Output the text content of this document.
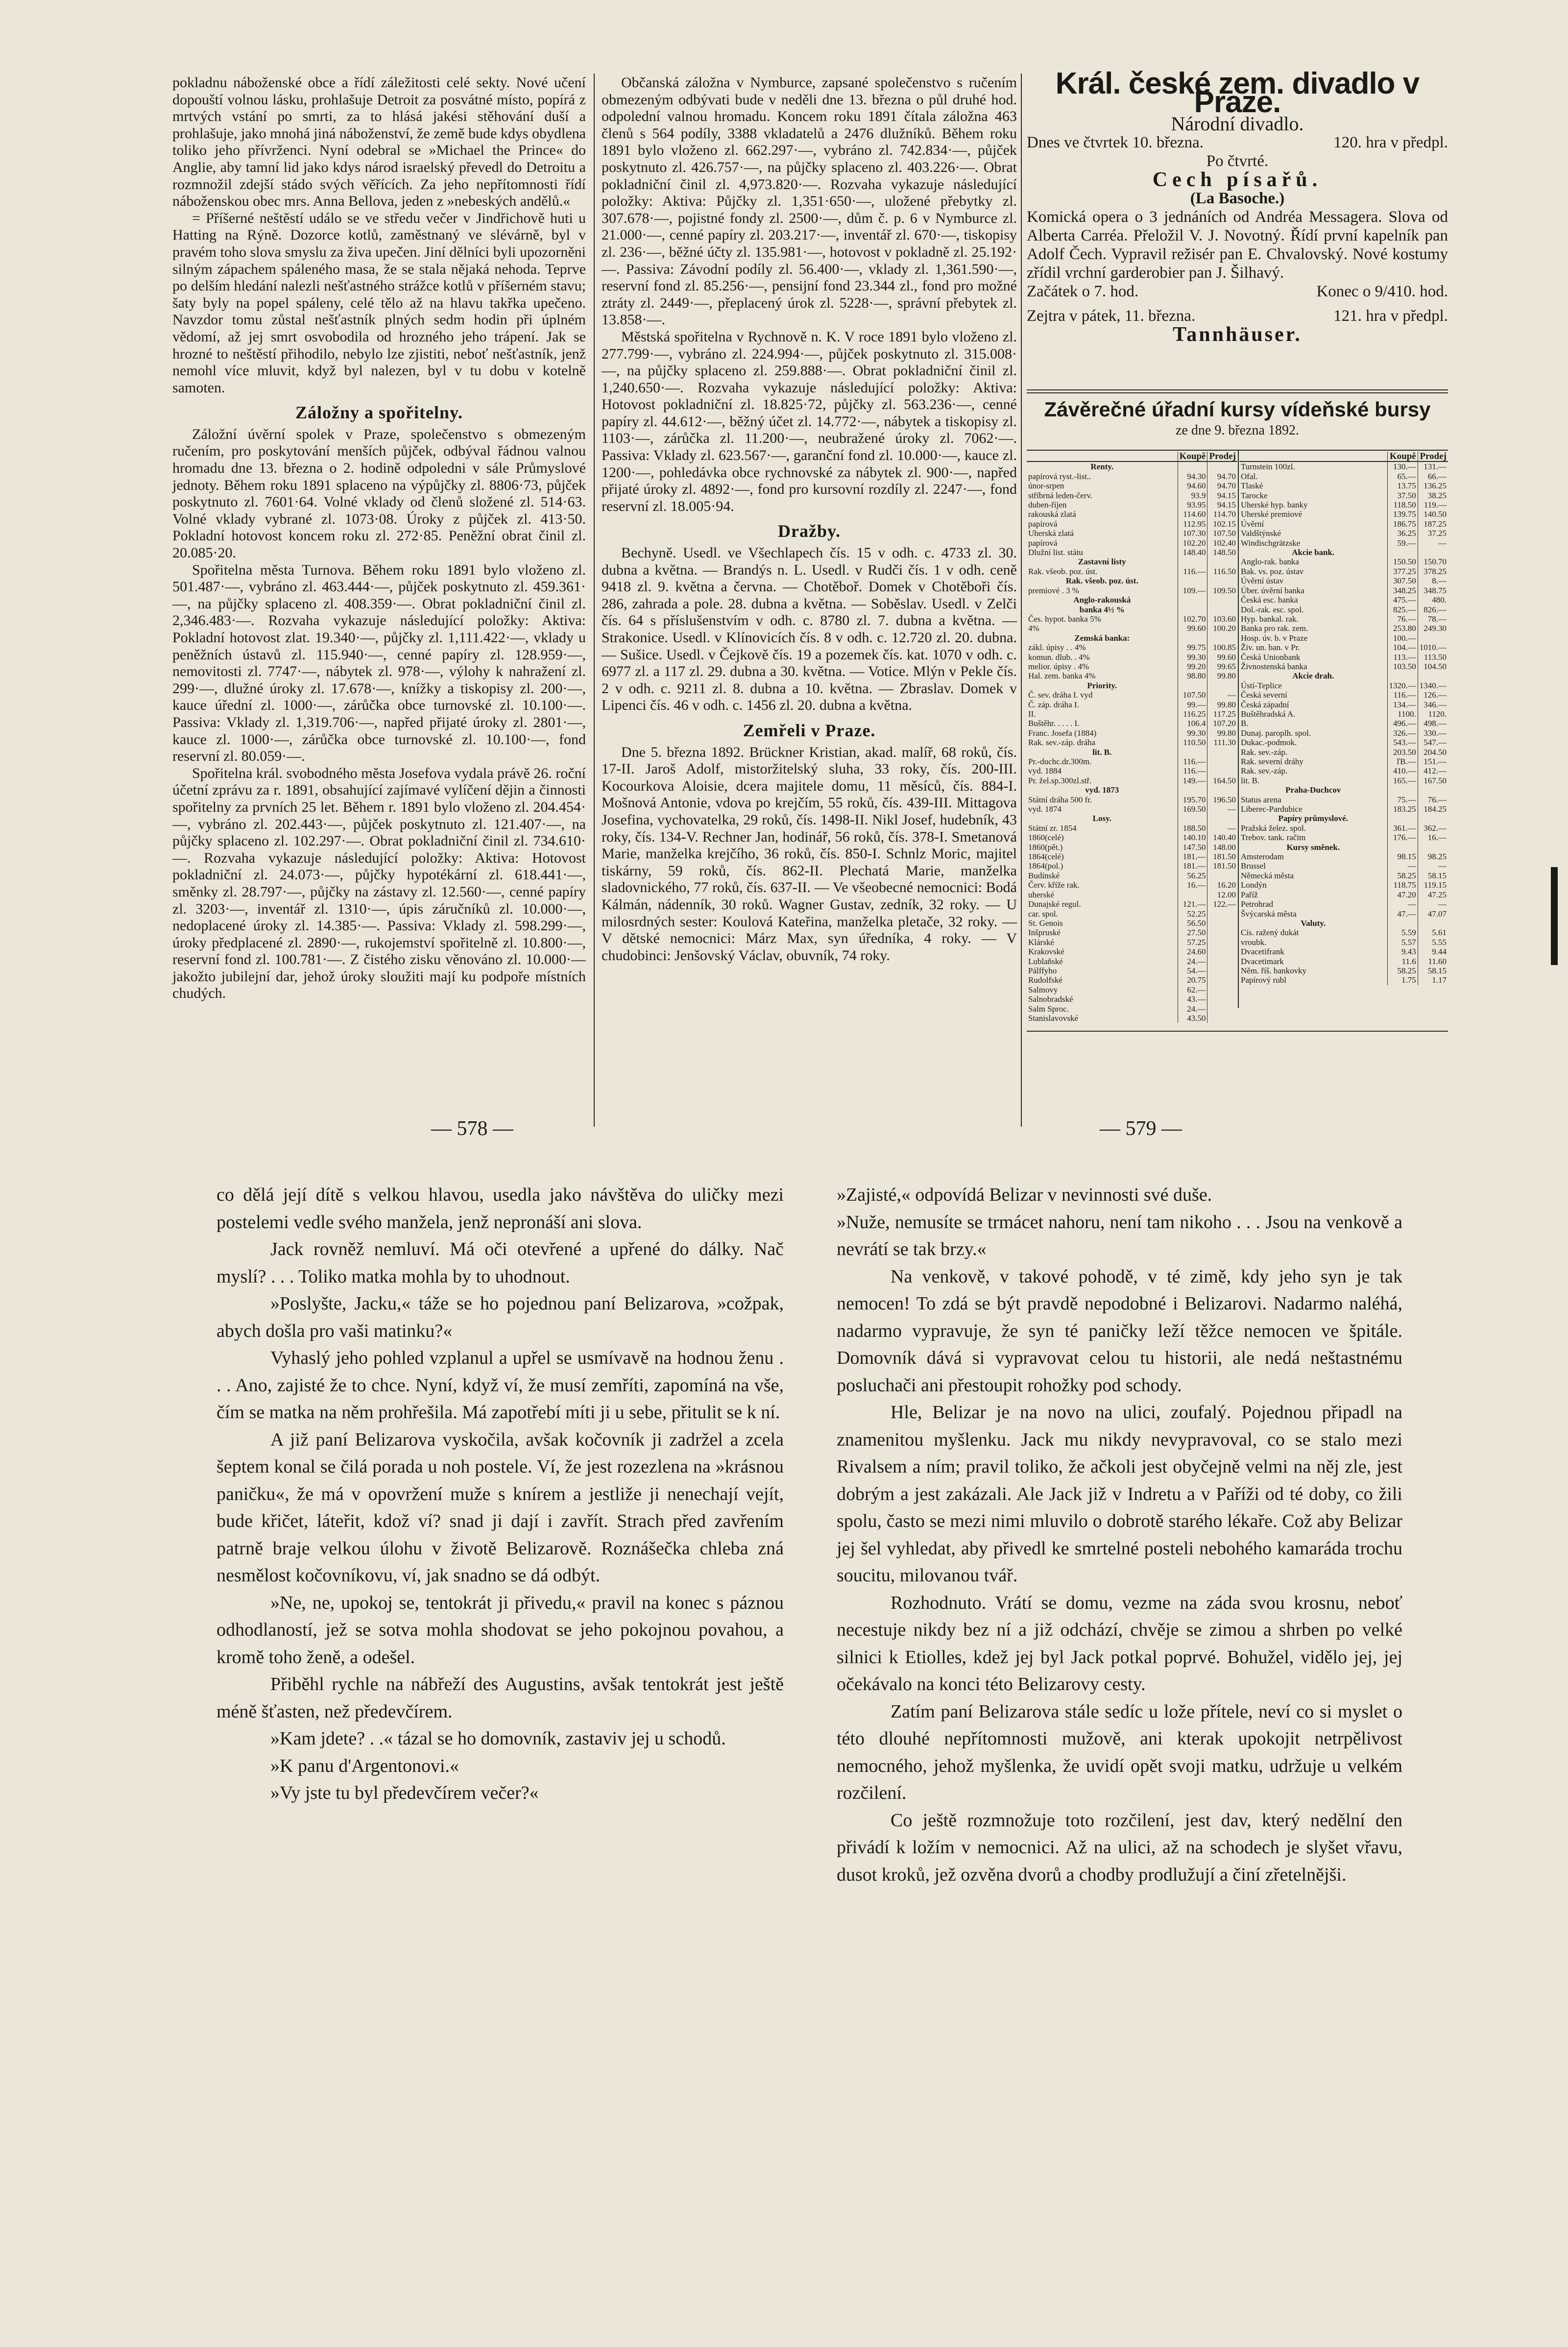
pokladnu náboženské obce a řídí záležitosti celé sekty. Nové učení dopouští volnou lásku, prohlašuje Detroit za posvátné místo, popírá z mrtvých vstání po smrti, za to hlásá jakési stěhování duší a prohlašuje, jako mnohá jiná náboženství, že země bude kdys obydlena toliko jeho přívrženci. Nyní odebral se »Michael the Prince« do Anglie, aby tamní lid jako kdys národ israelský převedl do Detroitu a rozmnožil zdejší stádo svých věřících. Za jeho nepřítomnosti řídí náboženskou obec mrs. Anna Bellova, jeden z »nebeských andělů.«

= Příšerné neštěstí událo se ve středu večer v Jindřichově huti u Hatting na Rýně. Dozorce kotlů, zaměstnaný ve slévárně, byl v pravém toho slova smyslu za živa upečen. Jiní dělníci byli upozorněni silným zápachem spáleného masa, že se stala nějaká nehoda. Teprve po delším hledání nalezli nešťastného strážce kotlů v příšerném stavu; šaty byly na popel spáleny, celé tělo až na hlavu takřka upečeno. Navzdor tomu zůstal nešťastník plných sedm hodin při úplném vědomí, až jej smrt osvobodila od hrozného jeho trápení. Jak se hrozné to neštěstí přihodilo, nebylo lze zjistiti, neboť nešťastník, jenž nemohl více mluvit, když byl nalezen, byl v tu dobu v kotelně samoten.

Záložny a spořitelny.

Záložní úvěrní spolek v Praze, společenstvo s obmezeným ručením, pro poskytování menších půjček, odbýval řádnou valnou hromadu dne 13. března o 2. hodině odpoledni v sále Průmyslové jednoty. Během roku 1891 splaceno na výpůjčky zl. 8806·73, půjček poskytnuto zl. 7601·64. Volné vklady od členů složené zl. 514·63. Volné vklady vybrané zl. 1073·08. Úroky z půjček zl. 413·50. Pokladní hotovost koncem roku zl. 272·85. Peněžní obrat činil zl. 20.085·20.

Spořitelna města Turnova. Během roku 1891 bylo vloženo zl. 501.487·—, vybráno zl. 463.444·—, půjček poskytnuto zl. 459.361·—, na půjčky splaceno zl. 408.359·—. Obrat pokladniční činil zl. 2,346.483·—. Rozvaha vykazuje následující položky: Aktiva: Pokladní hotovost zlat. 19.340·—, půjčky zl. 1,111.422·—, vklady u peněžních ústavů zl. 115.940·—, cenné papíry zl. 128.959·—, nemovitosti zl. 7747·—, nábytek zl. 978·—, výlohy k nahražení zl. 299·—, dlužné úroky zl. 17.678·—, knížky a tiskopisy zl. 200·—, kauce úřední zl. 1000·—, zárůčka obce turnovské zl. 10.100·—. Passiva: Vklady zl. 1,319.706·—, napřed přijaté úroky zl. 2801·—, kauce zl. 1000·—, zárůčka obce turnovské zl. 10.100·—, fond reservní zl. 80.059·—.

Spořitelna král. svobodného města Josefova vydala právě 26. roční účetní zprávu za r. 1891, obsahující zajímavé vylíčení dějin a činnosti spořitelny za prvních 25 let. Během r. 1891 bylo vloženo zl. 204.454·—, vybráno zl. 202.443·—, půjček poskytnuto zl. 121.407·—, na půjčky splaceno zl. 102.297·—. Obrat pokladniční činil zl. 734.610·—. Rozvaha vykazuje následující položky: Aktiva: Hotovost pokladniční zl. 24.073·—, půjčky hypotékární zl. 618.441·—, směnky zl. 28.797·—, půjčky na zástavy zl. 12.560·—, cenné papíry zl. 3203·—, inventář zl. 1310·—, úpis záručníků zl. 10.000·—, nedoplacené úroky zl. 14.385·—. Passiva: Vklady zl. 598.299·—, úroky předplacené zl. 2890·—, rukojemství spořitelně zl. 10.800·—, reservní fond zl. 100.781·—. Z čistého zisku věnováno zl. 10.000·— jakožto jubilejní dar, jehož úroky sloužiti mají ku podpoře místních chudých.

Občanská záložna v Nymburce, zapsané společenstvo s ručením obmezeným odbývati bude v neděli dne 13. března o půl druhé hod. odpolední valnou hromadu. Koncem roku 1891 čítala záložna 463 členů s 564 podíly, 3388 vkladatelů a 2476 dlužníků. Během roku 1891 bylo vloženo zl. 662.297·—, vybráno zl. 742.834·—, půjček poskytnuto zl. 426.757·—, na půjčky splaceno zl. 403.226·—. Obrat pokladniční činil zl. 4,973.820·—. Rozvaha vykazuje následující položky: Aktiva: Půjčky zl. 1,351·650·—, uložené přebytky zl. 307.678·—, pojistné fondy zl. 2500·—, dům č. p. 6 v Nymburce zl. 21.000·—, cenné papíry zl. 203.217·—, inventář zl. 670·—, tiskopisy zl. 236·—, běžné účty zl. 135.981·—, hotovost v pokladně zl. 25.192·—. Passiva: Závodní podíly zl. 56.400·—, vklady zl. 1,361.590·—, reservní fond zl. 85.256·—, pensijní fond 23.344 zl., fond pro možné ztráty zl. 2449·—, přeplacený úrok zl. 5228·—, správní přebytek zl. 13.858·—.

Městská spořitelna v Rychnově n. K. V roce 1891 bylo vloženo zl. 277.799·—, vybráno zl. 224.994·—, půjček poskytnuto zl. 315.008·—, na půjčky splaceno zl. 259.888·—. Obrat pokladniční činil zl. 1,240.650·—. Rozvaha vykazuje následující položky: Aktiva: Hotovost pokladniční zl. 18.825·72, půjčky zl. 563.236·—, cenné papíry zl. 44.612·—, běžný účet zl. 14.772·—, nábytek a tiskopisy zl. 1103·—, zárůčka zl. 11.200·—, neubražené úroky zl. 7062·—. Passiva: Vklady zl. 623.567·—, garanční fond zl. 10.000·—, kauce zl. 1200·—, pohledávka obce rychnovské za nábytek zl. 900·—, napřed přijaté úroky zl. 4892·—, fond pro kursovní rozdíly zl. 2247·—, fond reservní zl. 18.005·94.

Dražby.

Bechyně. Usedl. ve Všechlapech čís. 15 v odh. c. 4733 zl. 30. dubna a května. — Brandýs n. L. Usedl. v Rudči čís. 1 v odh. ceně 9418 zl. 9. května a června. — Chotěboř. Domek v Chotěboři čís. 286, zahrada a pole. 28. dubna a května. — Soběslav. Usedl. v Zelči čís. 64 s příslušenstvím v odh. c. 8780 zl. 7. dubna a května. — Strakonice. Usedl. v Klínovicích čís. 8 v odh. c. 12.720 zl. 20. dubna. — Sušice. Usedl. v Čejkově čís. 19 a pozemek čís. kat. 1070 v odh. c. 6977 zl. a 117 zl. 29. dubna a 30. května. — Votice. Mlýn v Pekle čís. 2 v odh. c. 9211 zl. 8. dubna a 10. května. — Zbraslav. Domek v Lipenci čís. 46 v odh. c. 1456 zl. 20. dubna a května.

Zemřeli v Praze.

Dne 5. března 1892. Brückner Kristian, akad. malíř, 68 roků, čís. 17-II. Jaroš Adolf, mistoržitelský sluha, 33 roky, čís. 200-III. Kocourkova Aloisie, dcera majitele domu, 11 měsíců, čís. 884-I. Mošnová Antonie, vdova po krejčím, 55 roků, čís. 439-III. Mittagova Josefina, vychovatelka, 29 roků, čís. 1498-II. Nikl Josef, hudebník, 43 roky, čís. 134-V. Rechner Jan, hodinář, 56 roků, čís. 378-I. Smetanová Marie, manželka krejčího, 36 roků, čís. 850-I. Schnlz Moric, majitel tiskárny, 59 roků, čís. 862-II. Plechatá Marie, manželka sladovnického, 77 roků, čís. 637-II. — Ve všeobecné nemocnici: Bodá Kálmán, nádenník, 30 roků. Wagner Gustav, zedník, 32 roky. — U milosrdných sester: Koulová Kateřina, manželka pletače, 32 roky. — V dětské nemocnici: Márz Max, syn úředníka, 4 roky. — V chudobinci: Jenšovský Václav, obuvník, 74 roky.

Král. české zem. divadlo v Praze.
Národní divadlo.
Dnes ve čtvrtek 10. března.	120. hra v předpl.
Po čtvrté.
Cech písařů.
(La Basoche.)
Komická opera o 3 jednáních od Andréa Messagera. Slova od Alberta Carréa. Přeložil V. J. Novotný. Řídí první kapelník pan Adolf Čech. Vypravil režisér pan E. Chvalovský. Nové kostumy zřídil vrchní garderobier pan J. Šilhavý.
Začátek o 7. hod.	Konec o 9/410. hod.
Zejtra v pátek, 11. března.	121. hra v předpl.
Tannhäuser.
Závěrečné úřadní kursy vídeňské bursy
ze dne 9. března 1892.
	Koupě	Prodej
Renty.		
papírová ryst.-list..	94.30	94.70
únor-srpen	94.60	94.70
stříbrná leden-červ.	93.9	94.15
duben-říjen	93.95	94.15
rakouská zlatá	114.60	114.70
papírová	112.95	102.15
Uherská zlatá	107.30	107.50
papírová	102.20	102.40
Dlužní list. státu	148.40	148.50
Zastavní listy		
Rak. všeob. poz. úst.	116.—	116.50
Rak. všeob. poz. úst.		
premiové . 3 %	109.—	109.50
Anglo-rakouská		
banka 4½ %		
Čes. hypot. banka 5%	102.70	103.60
4%	99.60	100.20
Zemská banka:		
zákl. úpisy . . 4%	99.75	100.85
komun. dlub. . 4%	99.30	99.60
melior. úpisy . 4%	99.20	99.65
Hal. zem. banka 4%	98.80	99.80
Priority.		
Č. sev. dráha I. vyd	107.50	—
Č. záp. dráha I.	99.—	99.80
II.	116.25	117.25
Buštěhr. . . . . I.	106.4	107.20
Franc. Josefa (1884)	99.30	99.80
Rak. sev.-záp. dráha	110.50	111.30
lit. B.		
Pr.-duchc.dr.300m.	116.—	
vyd. 1884	116.—	
Pr. žel.sp.300zl.stř.	149.—	164.50
vyd. 1873		
Státní dráha 500 fr.	195.70	196.50
vyd. 1874	169.50	—
Losy.		
Státní zr. 1854	188.50	—
1860(celé)	140.10	140.40
1860(pět.)	147.50	148.00
1864(celé)	181.—	181.50
1864(pol.)	181.—	181.50
Budínské	56.25	
Červ. kříže rak.	16.—	16.20
uherské		12.00
Dunajské regul.	121.—	122.—
car. spol.	52.25	
St. Genois	56.50	
Inšpruské	27.50	
Klárské	57.25	
Krakovské	24.60	
Lublaňské	24.—	
Pálffyho	54.—	
Rudolfské	20.75	
Salmovy	62.—	
Salnobradské	43.—	
Salm Sproc.	24.—	
Stanislavovské	43.50	
	Koupě	Prodej
Turnstein 100zl.	130.—	131.—
Ofal.	65.—	66.—
Tlaské	13.75	136.25
Tarocke	37.50	38.25
Uherské hyp. banky	118.50	119.—
Uherské premiové	139.75	140.50
Úvěrní	186.75	187.25
Valdštýnské	36.25	37.25
Windischgrätzske	59.—	—
Akcie bank.		
Anglo-rak. banka	150.50	150.70
Bak. vs. poz. ústav	377.25	378.25
Úvěrní ústav	307.50	8.—
Úber. úvěrní banka	348.25	348.75
Česká esc. banka	475.—	480.
Dol.-rak. esc. spol.	825.—	826.—
Hyp. bankal. rak.	76.—	78.—
Banka pro rak. zem.	253.80	249.30
Hosp. úv. b. v Praze	100.—	
Živ. un. ban. v Pr.	104.—	1010.—
Česká Unionbank	113.—	113.50
Živnostenská banka	103.50	104.50
Akcie drah.		
Ústí-Teplice	1320.—	1340.—
Česká severní	116.—	126.—
Česká západní	134.—	346.—
Buštěhradská A.	1100.	1120.
B.	496.—	498.—
Dunaj. paroplh. spol.	326.—	330.—
Dukac.-podmok.	543.—	547.—
Rak. sev.-záp.	203.50	204.50
Rak. severní dráhy	ľB.—	151.—
Rak. sev.-záp.	410.—	412.—
lit. B.	165.—	167.50
Praha-Duchcov		
Status arena	75.—	76.—
Liberec-Pardubice	183.25	184.25
Papíry průmyslové.		
Pražská želez. spol.	361.—	362.—
Trebov. tank. račim	176.—	16.—
Kursy směnek.		
Amsterodam	98.15	98.25
Brussel	—	—
Německá města	58.25	58.15
Londýn	118.75	119.15
Paříž	47.20	47.25
Petrohrad	—	—
Švýcarská města	47.—	47.07
Valuty.		
Cís. ražený dukát	5.59	5.61
vroubk.	5.57	5.55
Dvacetifrank	9.43	9.44
Dvacetimark	11.6	11.60
Něm. říš. bankovky	58.25	58.15
Papírový rubl	1.75	1.17
— 578 —	— 579 —

co dělá její dítě s velkou hlavou, usedla jako návštěva do uličky mezi postelemi vedle svého manžela, jenž nepronáší ani slova.

Jack rovněž nemluví. Má oči otevřené a upřené do dálky. Nač myslí? . . . Toliko matka mohla by to uhodnout.

»Poslyšte, Jacku,« táže se ho pojednou paní Belizarova, »cožpak, abych došla pro vaši matinku?«

Vyhaslý jeho pohled vzplanul a upřel se usmívavě na hodnou ženu . . . Ano, zajisté že to chce. Nyní, když ví, že musí zemříti, zapomíná na vše, čím se matka na něm prohřešila. Má zapotřebí míti ji u sebe, přitulit se k ní.

A již paní Belizarova vyskočila, avšak kočovník ji zadržel a zcela šeptem konal se čilá porada u noh postele. Ví, že jest rozezlena na »krásnou paničku«, že má v opovržení muže s knírem a jestliže ji nenechají vejít, bude křičet, láteřit, kdož ví? snad ji dají i zavřít. Strach před zavřením patrně braje velkou úlohu v životě Belizarově. Roznášečka chleba zná nesmělost kočovníkovu, ví, jak snadno se dá odbýt.

»Ne, ne, upokoj se, tentokrát ji přivedu,« pravil na konec s páznou odhodlaností, jež se sotva mohla shodovat se jeho pokojnou povahou, a kromě toho ženě, a odešel.

Přiběhl rychle na nábřeží des Augustins, avšak tentokrát jest ještě méně šťasten, než předevčírem.

»Kam jdete? . .« tázal se ho domovník, zastaviv jej u schodů.

»K panu d'Argentonovi.«

»Vy jste tu byl předevčírem večer?«

»Zajisté,« odpovídá Belizar v nevinnosti své duše.

»Nuže, nemusíte se trmácet nahoru, není tam nikoho . . . Jsou na venkově a nevrátí se tak brzy.«

Na venkově, v takové pohodě, v té zimě, kdy jeho syn je tak nemocen! To zdá se být pravdě nepodobné i Belizarovi. Nadarmo naléhá, nadarmo vypravuje, že syn té paničky leží těžce nemocen ve špitále. Domovník dává si vypravovat celou tu historii, ale nedá neštastnému posluchači ani přestoupit rohožky pod schody.

Hle, Belizar je na novo na ulici, zoufalý. Pojednou připadl na znamenitou myšlenku. Jack mu nikdy nevypravoval, co se stalo mezi Rivalsem a ním; pravil toliko, že ačkoli jest obyčejně velmi na něj zle, jest dobrým a jest zakázali. Ale Jack již v Indretu a v Paříži od té doby, co žili spolu, často se mezi nimi mluvilo o dobrotě starého lékaře. Což aby Belizar jej šel vyhledat, aby přivedl ke smrtelné posteli nebohého kamaráda trochu soucitu, milovanou tvář.

Rozhodnuto. Vrátí se domu, vezme na záda svou krosnu, neboť necestuje nikdy bez ní a již odchází, chvěje se zimou a shrben po velké silnici k Etiolles, kdež jej byl Jack potkal poprvé. Bohužel, vidělo jej, jej očekávalo na konci této Belizarovy cesty.

Zatím paní Belizarova stále sedíc u lože přítele, neví co si myslet o této dlouhé nepřítomnosti mužově, ani kterak upokojit netrpělivost nemocného, jehož myšlenka, že uvidí opět svoji matku, udržuje u velkém rozčilení.

Co ještě rozmnožuje toto rozčilení, jest dav, který nedělní den přivádí k ložím v nemocnici. Až na ulici, až na schodech je slyšet vřavu, dusot kroků, jež ozvěna dvorů a chodby prodlužují a činí zřetelnějši.
